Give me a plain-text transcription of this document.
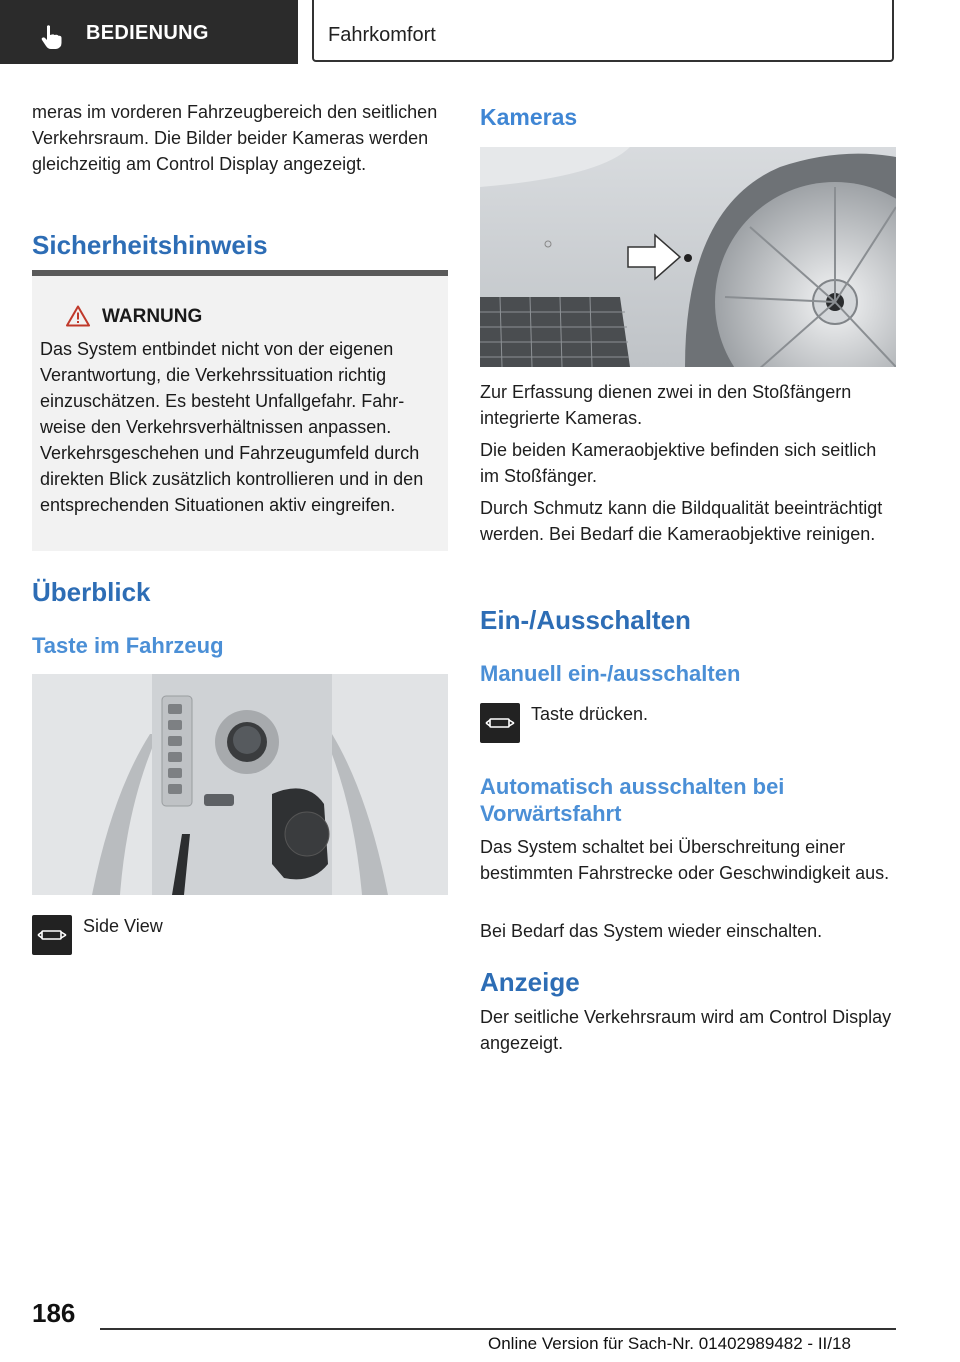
BEDIENUNG	Fahrkomfort

meras im vorderen Fahrzeugbereich den seitlichen Verkehrsraum. Die Bilder beider Kameras werden gleichzeitig am Control Display angezeigt.

Sicherheitshinweis
WARNUNG
Das System entbindet nicht von der eigenen Verantwortung, die Verkehrssituation richtig einzuschätzen. Es besteht Unfallgefahr. Fahrweise den Verkehrsverhältnissen anpassen. Verkehrsgeschehen und Fahrzeugumfeld durch direkten Blick zusätzlich kontrollieren und in den entsprechenden Situationen aktiv eingreifen.
Überblick
Taste im Fahrzeug

Side View

Kameras

Zur Erfassung dienen zwei in den Stoßfängern integrierte Kameras.

Die beiden Kameraobjektive befinden sich seitlich im Stoßfänger.

Durch Schmutz kann die Bildqualität beeinträchtigt werden. Bei Bedarf die Kameraobjektive reinigen.

Ein-/Ausschalten
Manuell ein-/ausschalten

Taste drücken.

Automatisch ausschalten bei Vorwärtsfahrt

Das System schaltet bei Überschreitung einer bestimmten Fahrstrecke oder Geschwindigkeit aus.

Bei Bedarf das System wieder einschalten.

Anzeige

Der seitliche Verkehrsraum wird am Control Display angezeigt.

186
Online Version für Sach-Nr. 01402989482 - II/18
